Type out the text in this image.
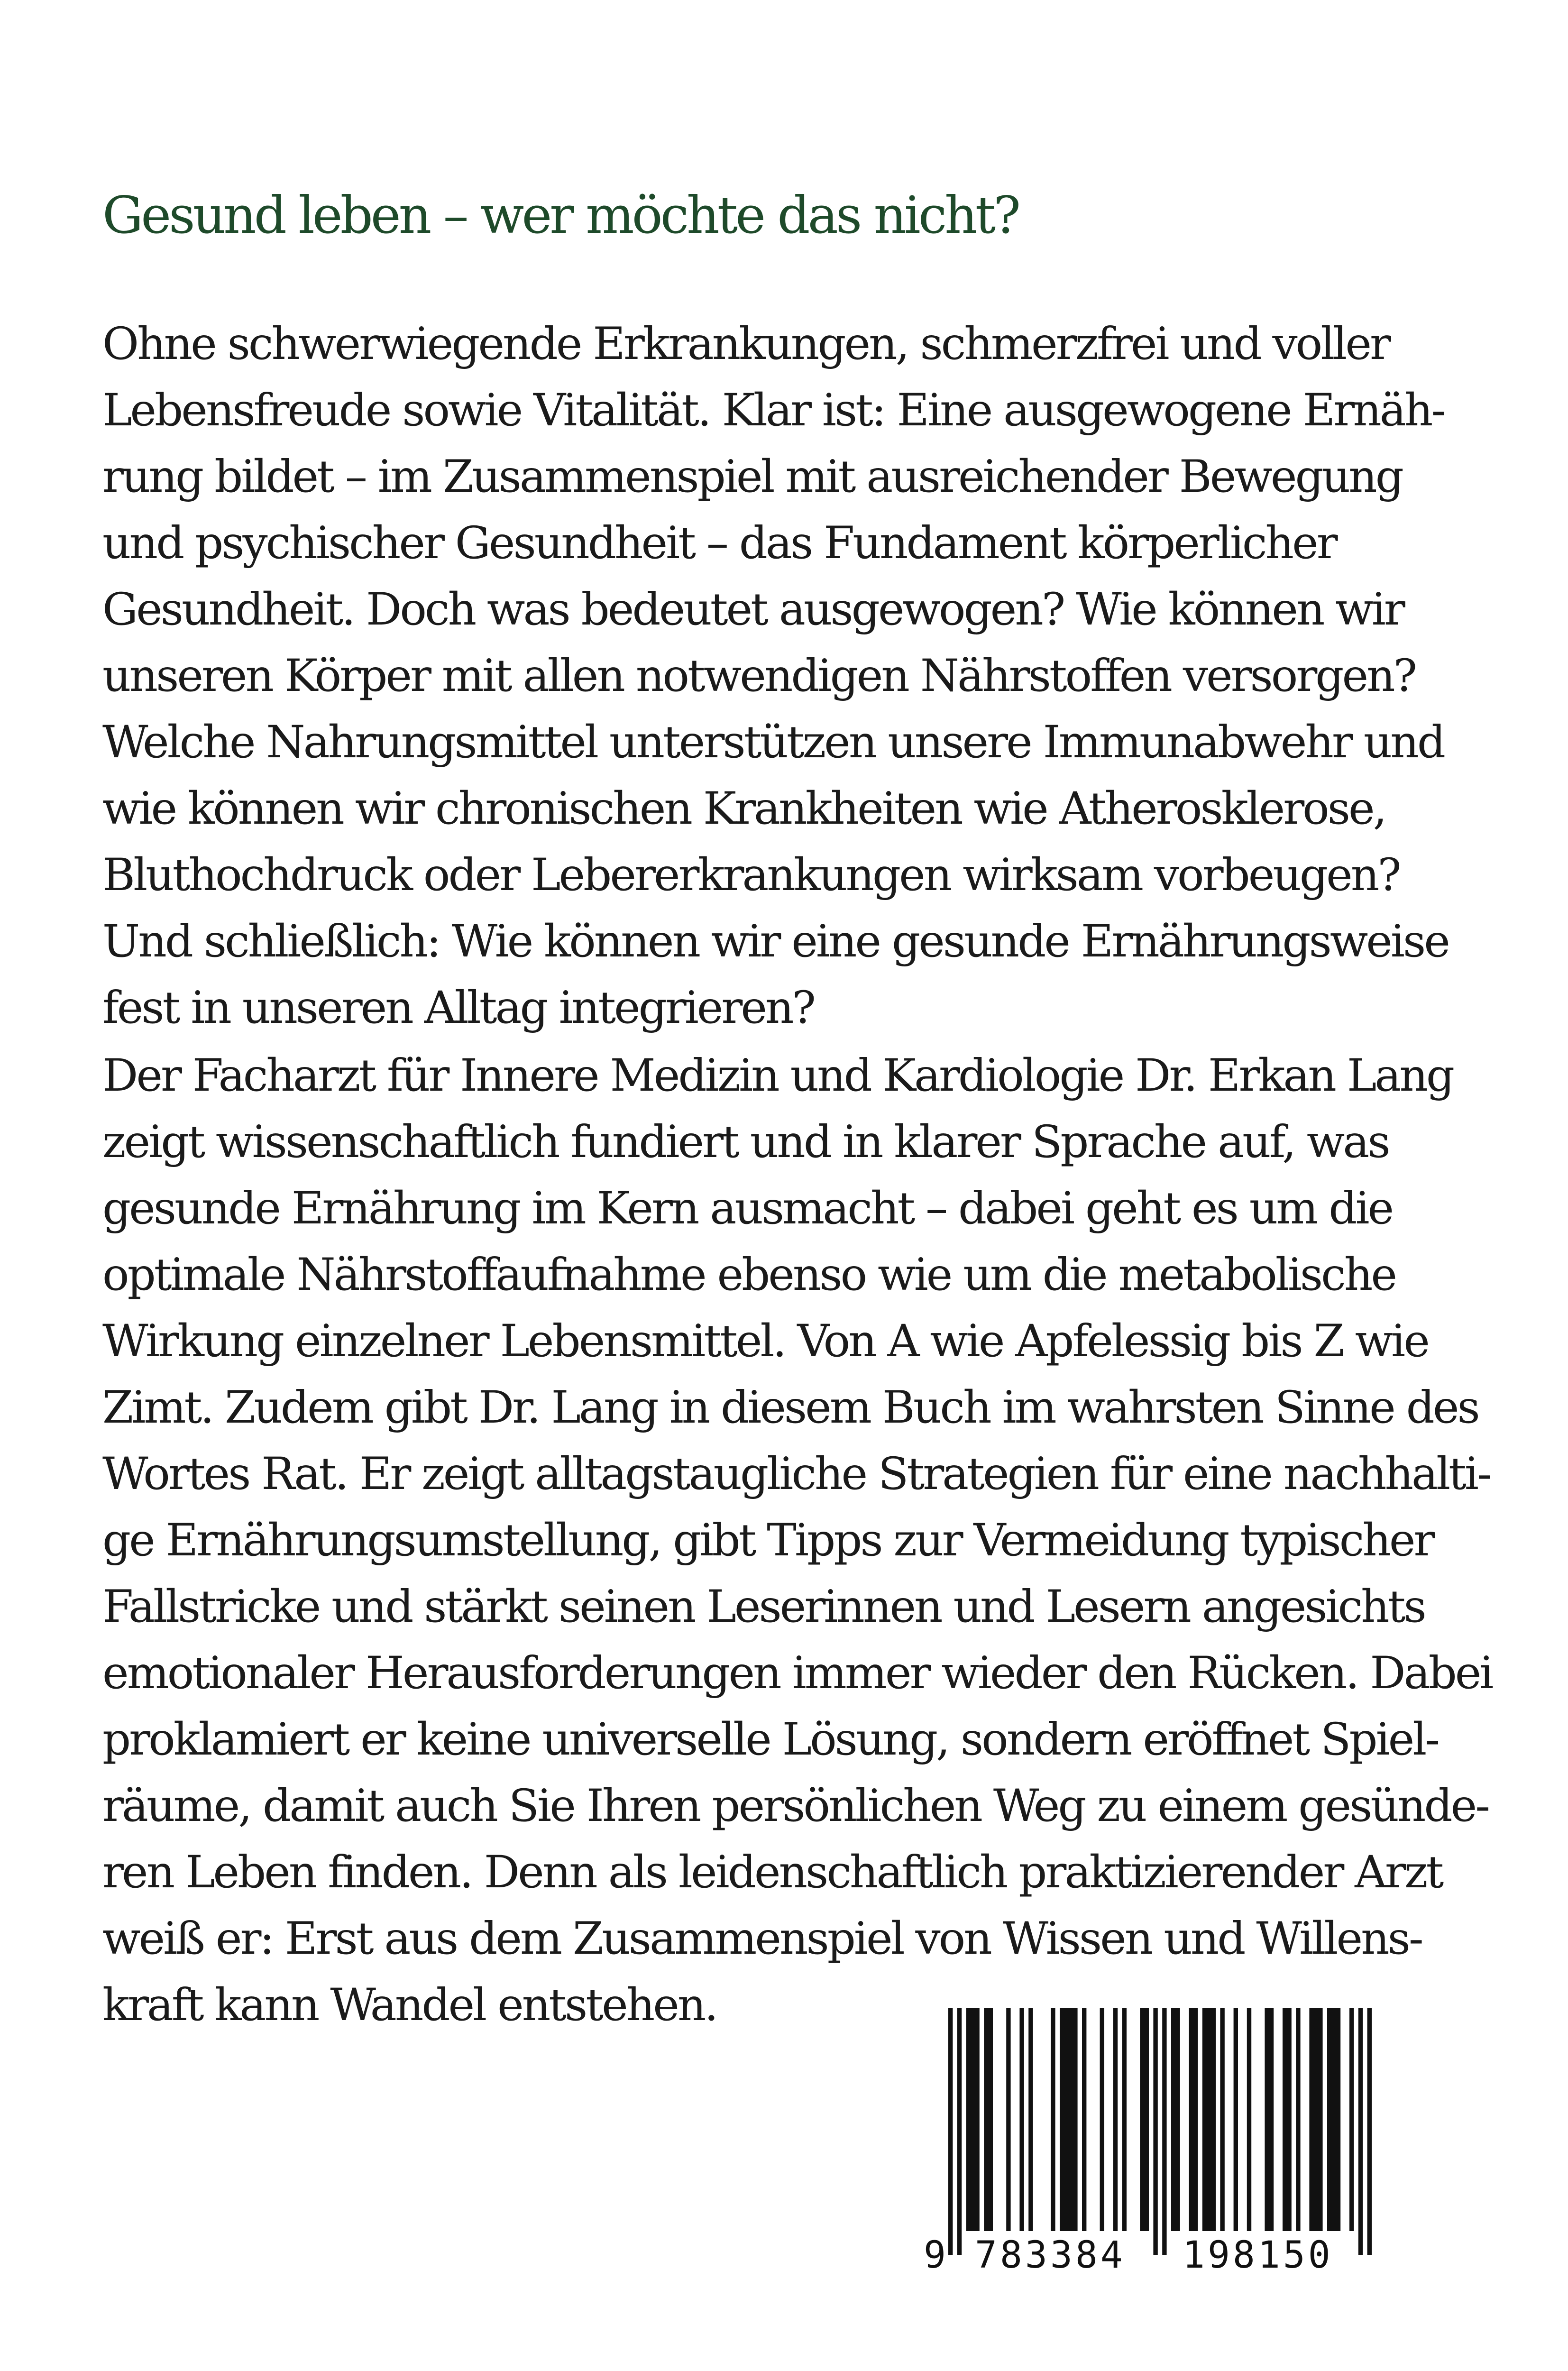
Gesund leben – wer möchte das nicht?
Ohne schwerwiegende Erkrankungen, schmerzfrei und voller
Lebensfreude sowie Vitalität. Klar ist: Eine ausgewogene Ernäh-
rung bildet – im Zusammenspiel mit ausreichender Bewegung
und psychischer Gesundheit – das Fundament körperlicher
Gesundheit. Doch was bedeutet ausgewogen? Wie können wir
unseren Körper mit allen notwendigen Nährstoffen versorgen?
Welche Nahrungsmittel unterstützen unsere Immunabwehr und
wie können wir chronischen Krankheiten wie Atherosklerose,
Bluthochdruck oder Lebererkrankungen wirksam vorbeugen?
Und schließlich: Wie können wir eine gesunde Ernährungsweise
fest in unseren Alltag integrieren?
Der Facharzt für Innere Medizin und Kardiologie Dr. Erkan Lang
zeigt wissenschaftlich fundiert und in klarer Sprache auf, was
gesunde Ernährung im Kern ausmacht – dabei geht es um die
optimale Nährstoffaufnahme ebenso wie um die metabolische
Wirkung einzelner Lebensmittel. Von A wie Apfelessig bis Z wie
Zimt. Zudem gibt Dr. Lang in diesem Buch im wahrsten Sinne des
Wortes Rat. Er zeigt alltagstaugliche Strategien für eine nachhalti-
ge Ernährungsumstellung, gibt Tipps zur Vermeidung typischer
Fallstricke und stärkt seinen Leserinnen und Lesern angesichts
emotionaler Herausforderungen immer wieder den Rücken. Dabei
proklamiert er keine universelle Lösung, sondern eröffnet Spiel-
räume, damit auch Sie Ihren persönlichen Weg zu einem gesünde-
ren Leben finden. Denn als leidenschaftlich praktizierender Arzt
weiß er: Erst aus dem Zusammenspiel von Wissen und Willens-
kraft kann Wandel entstehen.
9 783384 198150
